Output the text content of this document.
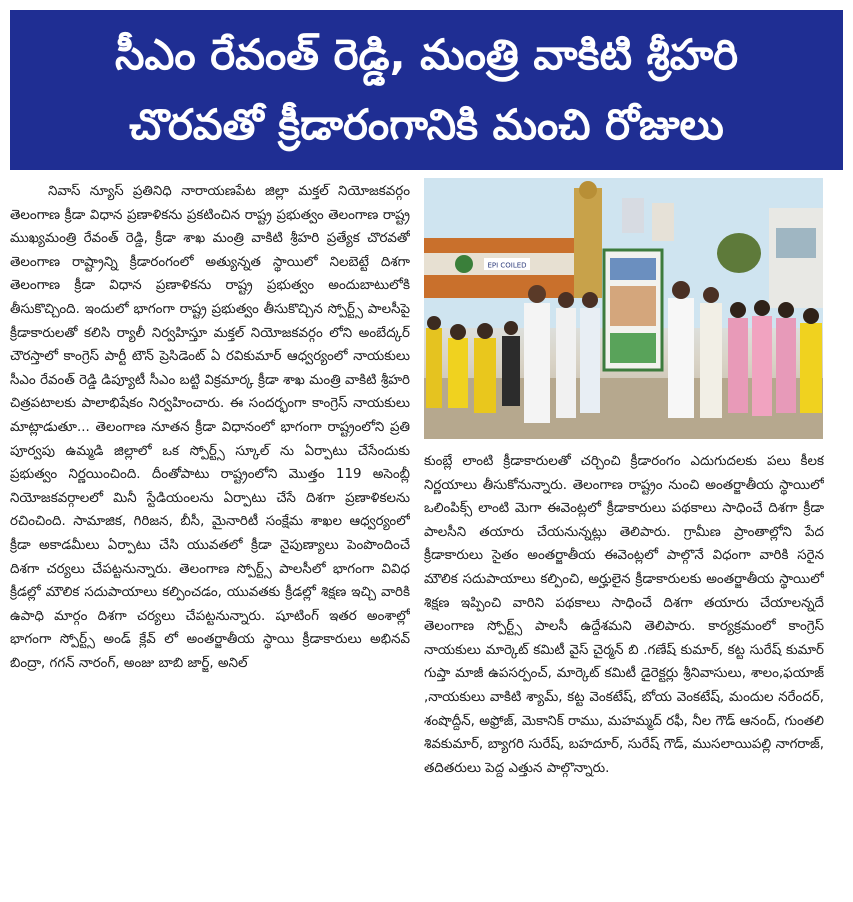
సీఎం రేవంత్ రెడ్డి, మంత్రి వాకిటి శ్రీహరి
చొరవతో క్రీడారంగానికి మంచి రోజులు

నివాస్ న్యూస్ ప్రతినిధి నారాయణపేట జిల్లా మక్తల్ నియోజకవర్గం తెలంగాణ క్రీడా విధాన ప్రణాళికను ప్రకటించిన రాష్ట్ర ప్రభుత్వం తెలంగాణ రాష్ట్ర ముఖ్యమంత్రి రేవంత్ రెడ్డి, క్రీడా శాఖ మంత్రి వాకిటి శ్రీహరి ప్రత్యేక చొరవతో తెలంగాణ రాష్ట్రాన్ని క్రీడారంగంలో అత్యున్నత స్థాయిలో నిలబెట్టే దిశగా తెలంగాణ క్రీడా విధాన ప్రణాళికను రాష్ట్ర ప్రభుత్వం అందుబాటులోకి తీసుకొచ్చింది. ఇందులో భాగంగా రాష్ట్ర ప్రభుత్వం తీసుకొచ్చిన స్పోర్ట్స్ పాలసీపై క్రీడాకారులతో కలిసి ర్యాలీ నిర్వహిస్తూ మక్తల్ నియోజకవర్గం లోని అంబేద్కర్ చౌరస్తాలో కాంగ్రెస్ పార్టీ టౌన్ ప్రెసిడెంట్ ఏ రవికుమార్ ఆధ్వర్యంలో నాయకులు సీఎం రేవంత్ రెడ్డి డిప్యూటీ సీఎం బట్టి విక్రమార్క క్రీడా శాఖ మంత్రి వాకిటి శ్రీహరి చిత్రపటాలకు పాలాభిషేకం నిర్వహించారు. ఈ సందర్భంగా కాంగ్రెస్ నాయకులు మాట్లాడుతూ... తెలంగాణ నూతన క్రీడా విధానంలో భాగంగా రాష్ట్రంలోని ప్రతి పూర్వపు ఉమ్మడి జిల్లాలో ఒక స్పోర్ట్స్ స్కూల్ ను ఏర్పాటు చేసేందుకు ప్రభుత్వం నిర్ణయించింది. దీంతోపాటు రాష్ట్రంలోని మొత్తం 119 అసెంబ్లీ నియోజకవర్గాలలో మినీ స్టేడియంలను ఏర్పాటు చేసే దిశగా ప్రణాళికలను రచించింది. సామాజిక, గిరిజన, బీసీ, మైనారిటీ సంక్షేమ శాఖల ఆధ్వర్యంలో క్రీడా అకాడమీలు ఏర్పాటు చేసి యువతలో క్రీడా నైపుణ్యాలు పెంపొందించే దిశగా చర్యలు చేపట్టనున్నారు. తెలంగాణ స్పోర్ట్స్ పాలసీలో భాగంగా వివిధ క్రీడల్లో మౌలిక సదుపాయాలు కల్పించడం, యువతకు క్రీడల్లో శిక్షణ ఇచ్చి వారికి ఉపాధి మార్గం దిశగా చర్యలు చేపట్టనున్నారు. షూటింగ్ ఇతర అంశాల్లో భాగంగా స్పోర్ట్స్ అండ్ క్లేవ్ లో అంతర్జాతీయ స్థాయి క్రీడాకారులు అభినవ్ బింద్రా, గగన్ నారంగ్, అంజు బాబి జార్జ్, అనిల్

EPI COILED

కుంబ్లే లాంటి క్రీడాకారులతో చర్చించి క్రీడారంగం ఎదుగుదలకు పలు కీలక నిర్ణయాలు తీసుకోనున్నారు. తెలంగాణ రాష్ట్రం నుంచి అంతర్జాతీయ స్థాయిలో ఒలింపిక్స్ లాంటి మెగా ఈవెంట్లలో క్రీడాకారులు పథకాలు సాధించే దిశగా క్రీడా పాలసీని తయారు చేయనున్నట్లు తెలిపారు. గ్రామీణ ప్రాంతాల్లోని పేద క్రీడాకారులు సైతం అంతర్జాతీయ ఈవెంట్లలో పాల్గొనే విధంగా వారికి సరైన మౌలిక సదుపాయాలు కల్పించి, అర్హులైన క్రీడాకారులకు అంతర్జాతీయ స్థాయిలో శిక్షణ ఇప్పించి వారిని పథకాలు సాధించే దిశగా తయారు చేయాలన్నదే తెలంగాణ స్పోర్ట్స్ పాలసీ ఉద్దేశమని తెలిపారు. కార్యక్రమంలో కాంగ్రెస్ నాయకులు మార్కెట్ కమిటీ వైస్ చైర్మన్ బి .గణేష్ కుమార్, కట్ట సురేష్ కుమార్ గుప్తా మాజీ ఉపసర్పంచ్, మార్కెట్ కమిటీ డైరెక్టర్లు శ్రీనివాసులు, శాలం,ఫయాజ్ ,నాయకులు వాకిటి శ్యామ్, కట్ట వెంకటేష్, బోయ వెంకటేష్, మందుల నరేందర్, శంషొద్దీన్, అఫ్రోజ్, మెకానిక్ రాము, మహమ్మద్ రఫీ, నీల గౌడ్ ఆనంద్, గుంతలి శివకుమార్, బ్యాగరి సురేష్, బహదూర్, సురేష్ గౌడ్, ముసలాయిపల్లి నాగరాజ్, తదితరులు పెద్ద ఎత్తున పాల్గొన్నారు.
